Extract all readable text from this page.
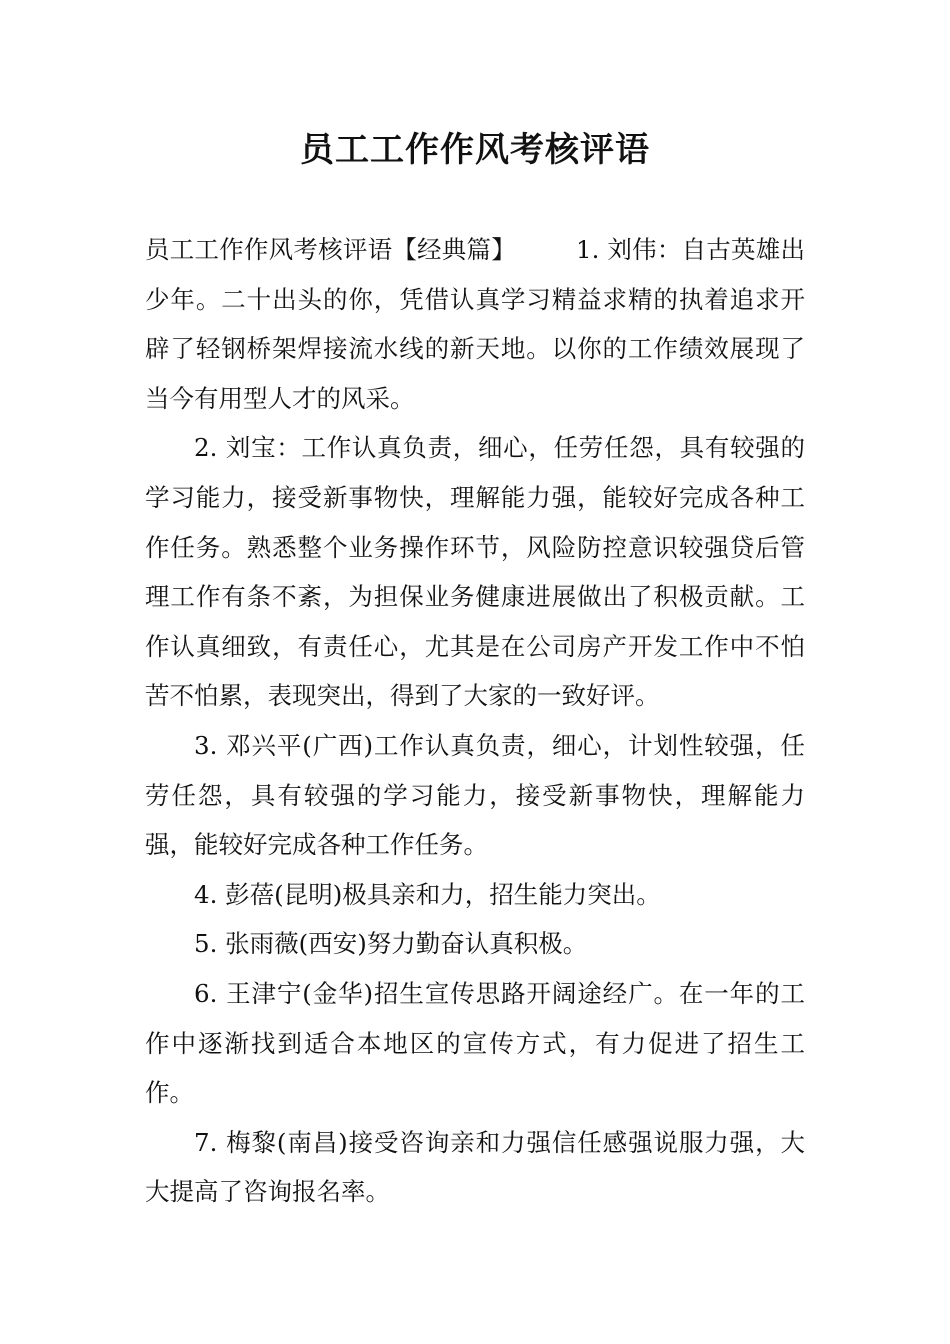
员工工作作风考核评语

员工工作作风考核评语【经典篇】 1. 刘伟：自古英雄出少年。二十出头的你，凭借认真学习精益求精的执着追求开辟了轻钢桥架焊接流水线的新天地。以你的工作绩效展现了当今有用型人才的风采。

2. 刘宝：工作认真负责，细心，任劳任怨，具有较强的学习能力，接受新事物快，理解能力强，能较好完成各种工作任务。熟悉整个业务操作环节，风险防控意识较强贷后管理工作有条不紊，为担保业务健康进展做出了积极贡献。工作认真细致，有责任心，尤其是在公司房产开发工作中不怕苦不怕累，表现突出，得到了大家的一致好评。

3. 邓兴平(广西)工作认真负责，细心，计划性较强，任劳任怨，具有较强的学习能力，接受新事物快，理解能力强，能较好完成各种工作任务。

4. 彭蓓(昆明)极具亲和力，招生能力突出。

5. 张雨薇(西安)努力勤奋认真积极。

6. 王津宁(金华)招生宣传思路开阔途经广。在一年的工作中逐渐找到适合本地区的宣传方式，有力促进了招生工作。

7. 梅黎(南昌)接受咨询亲和力强信任感强说服力强，大大提高了咨询报名率。
